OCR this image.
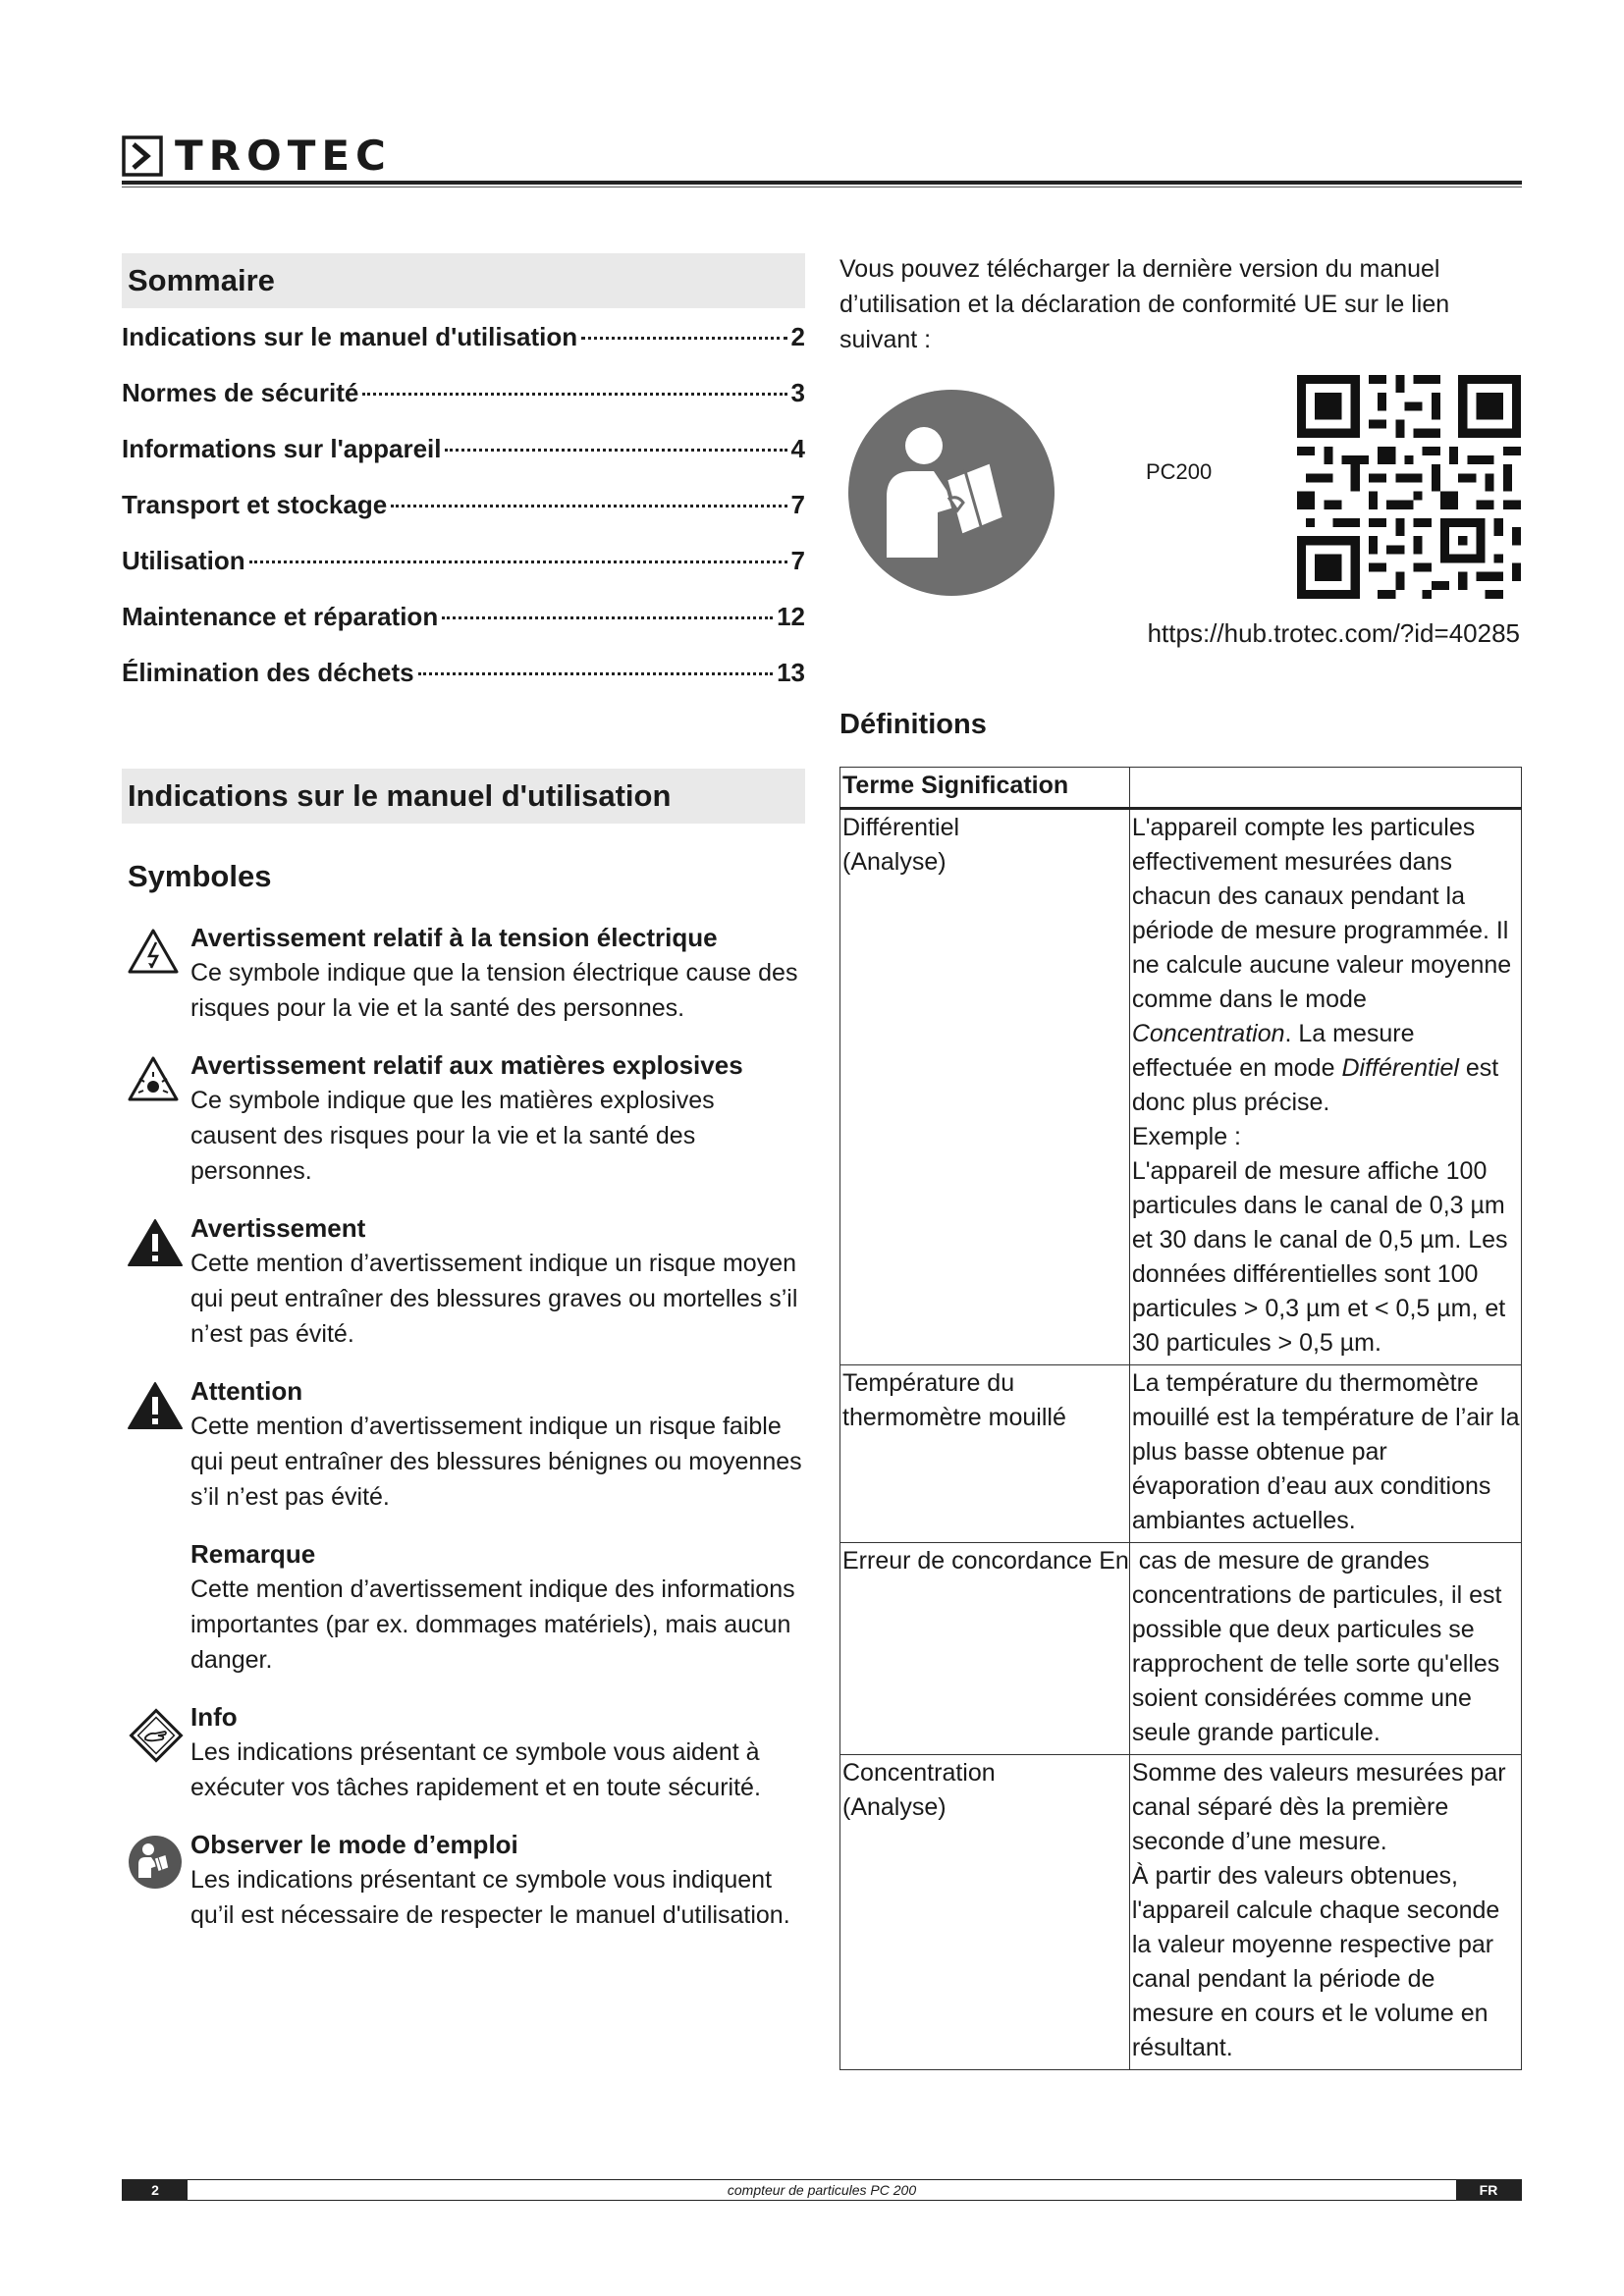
TROTEC
Sommaire
Indications sur le manuel d'utilisation	2
Normes de sécurité	3
Informations sur l'appareil	4
Transport et stockage	7
Utilisation	7
Maintenance et réparation	12
Élimination des déchets	13
Indications sur le manuel d'utilisation
Symboles
Avertissement relatif à la tension électrique
Ce symbole indique que la tension électrique cause des risques pour la vie et la santé des personnes.
Avertissement relatif aux matières explosives
Ce symbole indique que les matières explosives causent des risques pour la vie et la santé des personnes.
Avertissement
Cette mention d’avertissement indique un risque moyen qui peut entraîner des blessures graves ou mortelles s’il n’est pas évité.
Attention
Cette mention d’avertissement indique un risque faible qui peut entraîner des blessures bénignes ou moyennes s’il n’est pas évité.
Remarque
Cette mention d’avertissement indique des informations importantes (par ex. dommages matériels), mais aucun danger.
Info
Les indications présentant ce symbole vous aident à exécuter vos tâches rapidement et en toute sécurité.
Observer le mode d’emploi
Les indications présentant ce symbole vous indiquent qu’il est nécessaire de respecter le manuel d'utilisation.
Vous pouvez télécharger la dernière version du manuel d’utilisation et la déclaration de conformité UE sur le lien suivant :
PC200
https://hub.trotec.com/?id=40285
Définitions
Terme Signification	
Différentiel
(Analyse)	L'appareil compte les particules effectivement mesurées dans chacun des canaux pendant la période de mesure programmée. Il ne calcule aucune valeur moyenne comme dans le mode Concentration. La mesure effectuée en mode Différentiel est donc plus précise.
Exemple :
L'appareil de mesure affiche 100 particules dans le canal de 0,3 µm et 30 dans le canal de 0,5 µm. Les données différentielles sont 100 particules > 0,3 µm et < 0,5 µm, et 30 particules > 0,5 µm.
Température du thermomètre mouillé	La température du thermomètre mouillé est la température de l’air la plus basse obtenue par évaporation d’eau aux conditions ambiantes actuelles.
Erreur de concordance En	cas de mesure de grandes concentrations de particules, il est possible que deux particules se rapprochent de telle sorte qu'elles soient considérées comme une seule grande particule.
Concentration
(Analyse)	Somme des valeurs mesurées par canal séparé dès la première seconde d’une mesure.
À partir des valeurs obtenues, l'appareil calcule chaque seconde la valeur moyenne respective par canal pendant la période de mesure en cours et le volume en résultant.
2	compteur de particules PC 200	FR
